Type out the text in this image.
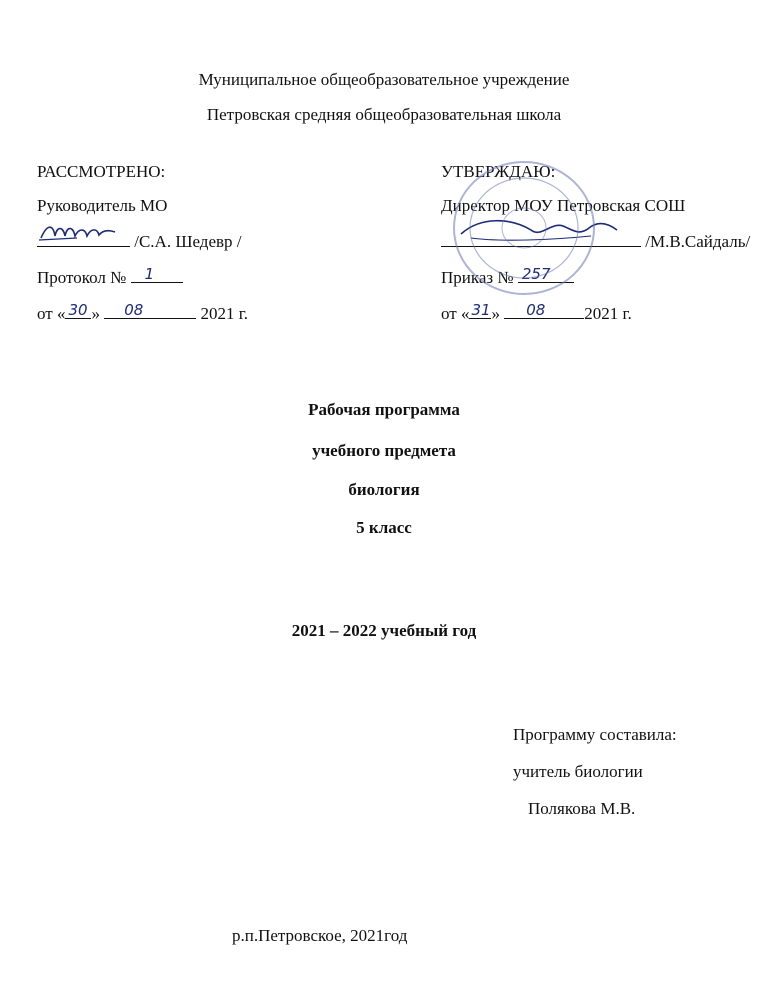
Муниципальное общеобразовательное учреждение
Петровская средняя общеобразовательная школа
РАССМОТРЕНО:
Руководитель МО
/С.А. Шедевр /
Протокол № 1
от « 30 » 08	2021 г.
УТВЕРЖДАЮ:
Директор МОУ Петровская СОШ
/М.В.Сайдаль/
Приказ № 257
от « 31 » 08 2021 г.
Рабочая программа
учебного предмета
биология
5 класс
2021 – 2022 учебный год
Программу составила:
учитель биологии
Полякова М.В.
р.п.Петровское, 2021год
